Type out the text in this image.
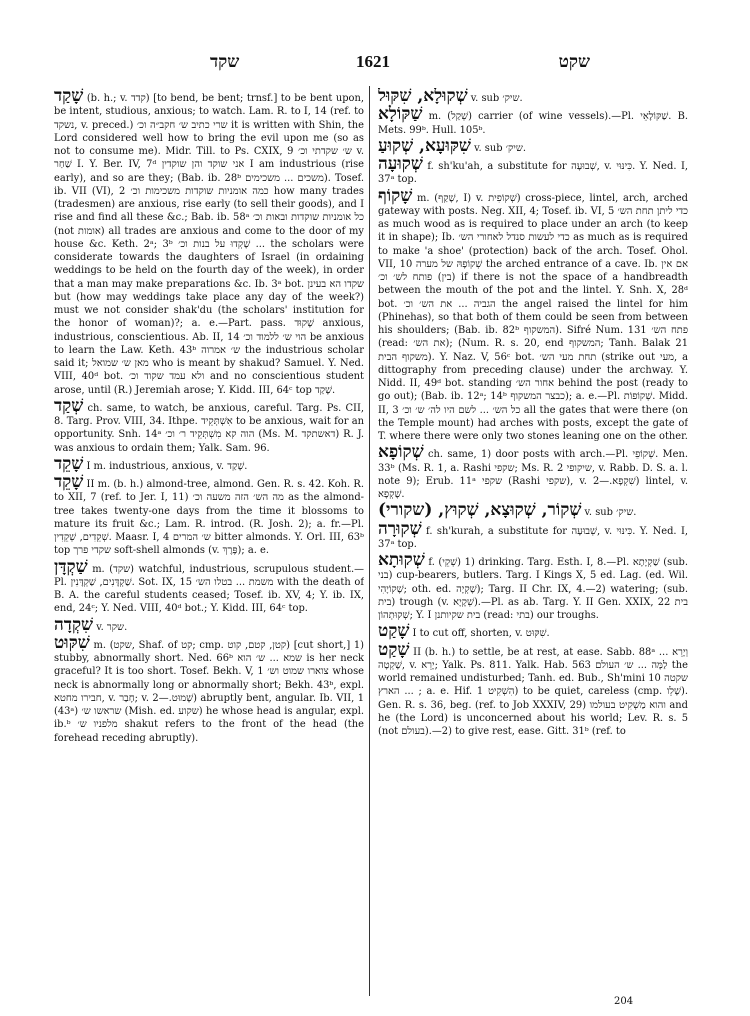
שקד	1621	שקט
שָׁקַד (b. h.; v. קדד) [to bend, be bent; trnsf.] to be bent upon, be intent, studious, anxious; to watch. Lam. R. to I, 14 (ref. to נשקד, v. preced.) שרי כתיב ש׳ חקב״ה וכ׳ it is written with Shin, the Lord considered well how to bring the evil upon me (so as not to consume me). Midr. Till. to Ps. CXIX, 9 ש׳ שקדתי וכ׳ v. שַׁחַר I. Y. Ber. IV, 7ᵈ אני שוקד והן שוקדין I am industrious (rise early), and so are they; (Bab. ib. 28ᵇ משכים ... משכימים). Tosef. ib. VII (VI), 2 כמה אומניות שוקדות משכימות וכ׳ how many trades (tradesmen) are anxious, rise early (to sell their goods), and I rise and find all these &c.; Bab. ib. 58ᵃ כל אומניות שוקדות ובאות וכ׳ (not אומות) all trades are anxious and come to the door of my house &c. Keth. 2ᵃ; 3ᵇ שָׁקְדוּ על בנות וכ׳ ... the scholars were considerate towards the daughters of Israel (in ordaining weddings to be held on the fourth day of the week), in order that a man may make preparations &c. Ib. 3ᵃ bot. שקדו הא בעינן but (how may weddings take place any day of the week?) must we not consider shak'du (the scholars' institution for the honor of woman)?; a. e.—Part. pass. שָׁקוּד anxious, industrious, conscientious. Ab. II, 14 הוי ש׳ ללמוד וכ׳ be anxious to learn the Law. Keth. 43ᵇ ש׳ אמרוה the industrious scholar said it; מאן ש׳ שמואל who is meant by shakud? Samuel. Y. Ned. VIII, 40ᵈ bot. ולא עמד שקוד וכ׳ and no conscientious student arose, until (R.) Jeremiah arose; Y. Kidd. III, 64ᶜ top שָׁקַד.
שְׁקַד ch. same, to watch, be anxious, careful. Targ. Ps. CII, 8. Targ. Prov. VIII, 34. Ithpe. אִשְׁתְּקֵיד to be anxious, wait for an opportunity. Snh. 14ᵃ הוה קא מִשְׁתְּקֵיד ר׳ וכ׳ (Ms. M. דאשתקד) R. J. was anxious to ordain them; Yalk. Sam. 96.
שָׁקֵד I m. industrious, anxious, v. שָׁקַד.
שָׁקֵד II m. (b. h.) almond-tree, almond. Gen. R. s. 42. Koh. R. to XII, 7 (ref. to Jer. I, 11) מה הש׳ הזה משעה וכ׳ as the almond-tree takes twenty-one days from the time it blossoms to mature its fruit &c.; Lam. R. introd. (R. Josh. 2); a. fr.—Pl. שְׁקֵדִים, שְׁקֵדִין. Maasr. I, 4 ש׳ המרים bitter almonds. Y. Orl. III, 63ᵇ top שקדי פרך soft-shell almonds (v. פֶּרֶךְ); a. e.
שַׁקְדָּן m. (שקד) watchful, industrious, scrupulous student.—Pl. שַׁקְדָּנִים, שַׁקְדָּנִין. Sot. IX, 15 משמת ... בטלו הש׳ with the death of B. A. the careful students ceased; Tosef. ib. XV, 4; Y. ib. IX, end, 24ᶜ; Y. Ned. VIII, 40ᵈ bot.; Y. Kidd. III, 64ᶜ top.
שִׁקְדָה v. שקר.
שִׁקּוּט m. (שקט, Shaf. of קט; cmp. קטן, קטם, קוט) [cut short,] 1) stubby, abnormally short. Ned. 66ᵇ שמא ... ש׳ הוא is her neck graceful? It is too short. Tosef. Bekh. V, 1 צוארו שמוט וש׳ whose neck is abnormally long or abnormally short; Bekh. 43ᵇ, expl. חבירו מחטא, v. חָבַר; v. שָׁמוּט.—2) abruptly bent, angular. Ib. VII, 1 (43ᵃ) שראשו ש׳ (Mish. ed. שקוע) he whose head is angular, expl. ib.ᵇ מלפניו ש׳ shakut refers to the front of the head (the forehead receding abruptly).
שְׁקוּלָא, שִׁקּוּל v. sub שיק׳.
שַׁקּוֹלָא m. (שְׁקַל) carrier (of wine vessels).—Pl. שַׁקּוֹלָאֵי. B. Mets. 99ᵇ. Hull. 105ᵇ.
שִׁקּוּעָא, שְׁקוּעַ v. sub שיק׳.
שְׁקוּעָה f. sh'ku'ah, a substitute for שְׁבוּעָה, v. כִּינּוּי. Y. Ned. I, 37ᵃ top.
שָׁקוֹף m. (שָׁקַף, I) v. שְׁקוֹפִית) cross-piece, lintel, arch, arched gateway with posts. Neg. XII, 4; Tosef. ib. VI, 5 כדי ליתן תחת הש׳ as much wood as is required to place under an arch (to keep it in shape); Ib. כדי לעשות סנדל לאחורי הש׳ as much as is required to make 'a shoe' (protection) back of the arch. Tosef. Ohol. VII, 10 שְׁקוֹפָהּ של מערה the arched entrance of a cave. Ib. אם אין (בין) פותח לש׳ וכ׳ if there is not the space of a handbreadth between the mouth of the pot and the lintel. Y. Snh. X, 28ᵈ bot. הגביה ... את הש׳ וכ׳ the angel raised the lintel for him (Phinehas), so that both of them could be seen from between his shoulders; (Bab. ib. 82ᵇ המשקוף). Sifré Num. 131 פתח הש׳ (read: את הש׳); (Num. R. s. 20, end המשקוף; Tanh. Balak 21 משקוף הבית). Y. Naz. V, 56ᶜ bot. תחת מעי הש׳ (strike out מעי, a dittography from preceding clause) under the archway. Y. Nidd. II, 49ᵈ bot. standing אחור הש׳ behind the post (ready to go out); (Bab. ib. 12ᵃ; 14ᵇ כבצר המשקוף); a. e.—Pl. שְׁקוֹפוֹת. Midd. II, 3 כל הש׳ ... לשם היו לה׳ ש׳ וכ׳ all the gates that were there (on the Temple mount) had arches with posts, except the gate of T. where there were only two stones leaning one on the other.
שְׁקוֹפָא ch. same, 1) door posts with arch.—Pl. שְׁקוֹפֵי. Men. 33ᵇ (Ms. R. 1, a. Rashi שקפי; Ms. R. 2 שיקופי, v. Rabb. D. S. a. l. note 9); Erub. 11ᵃ שקפי (Rashi שקפי), v. שִׁקְפָא.—2) lintel, v. שָׁקְפָא.
(שקורי) ,שְׁקוֹר, שְׁקוּצָא, שְׁקוּץ v. sub שיק׳.
שְׁקוּרָה f. sh'kurah, a substitute for שְׁבוּעָה, v. כִּינּוּי. Y. Ned. I, 37ᵃ top.
שְׁקוּתָא f. (שְׁקֵי) 1) drinking. Targ. Esth. I, 8.—Pl. שַׁקְיָתָא (sub. בני) cup-bearers, butlers. Targ. I Kings X, 5 ed. Lag. (ed. Wil. שָׁקוֹיָהִי; oth. ed. שָׁקְיָה); Targ. II Chr. IX, 4.—2) watering; (sub. בית) trough (v. שְׁקָיָא).—Pl. as ab. Targ. Y. II Gen. XXIX, 22 בית שְׁקוּתְהוֹן; Y. I בית שקיותנן (read: בתי) our troughs.
שָׁקַט I to cut off, shorten, v. שִׁקּוּט.
שָׁקַט II (b. h.) to settle, be at rest, at ease. Sabb. 88ᵃ וְיָרֵא ... שָׁקְטָה, v. יָרֵא; Yalk. Ps. 811. Yalk. Hab. 563 לַמָּה ... ש׳ העולם the world remained undisturbed; Tanh. ed. Bub., Sh'mini 10 שקטה הארץ ... ; a. e. Hif. הִשְׁקִיט 1) to be quiet, careless (cmp. שָׁלֵו). Gen. R. s. 36, beg. (ref. to Job XXXIV, 29) והוא מַשְׁקִיט בעולמו and he (the Lord) is unconcerned about his world; Lev. R. s. 5 (not בעולם).—2) to give rest, ease. Gitt. 31ᵇ (ref. to
204
